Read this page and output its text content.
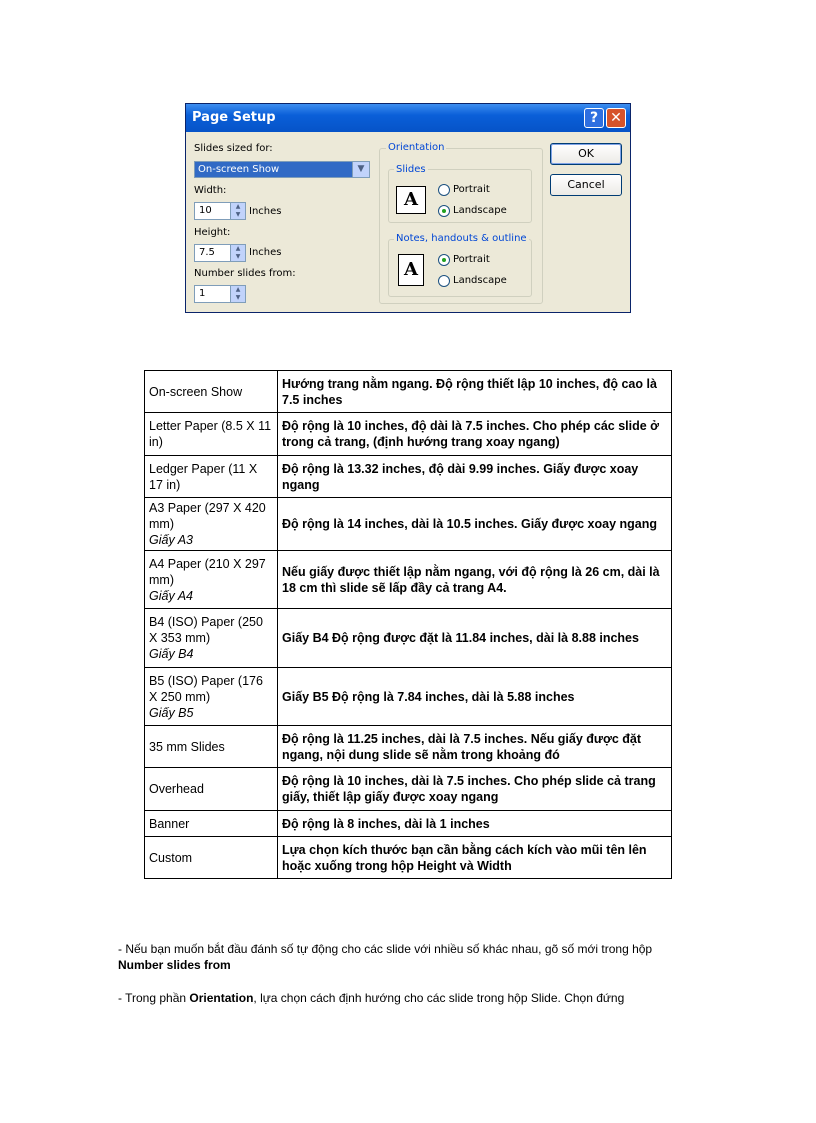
Page Setup	? ✕
Slides sized for:
On-screen Show	▼
Width:
10	▲
▼ Inches
Height:
7.5	▲
▼ Inches
Number slides from:
1	▲
▼
Orientation
Slides
A	Portrait
Landscape
Notes, handouts & outline
A	Portrait
Landscape
OK
Cancel
On-screen Show	Hướng trang nằm ngang. Độ rộng thiết lập 10 inches, độ cao là 7.5 inches
Letter Paper (8.5 X 11 in)	Độ rộng là 10 inches, độ dài là 7.5 inches. Cho phép các slide ở trong cả trang, (định hướng trang xoay ngang)
Ledger Paper (11 X 17 in)	Độ rộng là 13.32 inches, độ dài 9.99 inches. Giấy được xoay ngang
A3 Paper (297 X 420 mm)
Giấy A3	Độ rộng là 14 inches, dài là 10.5 inches. Giấy được xoay ngang
A4 Paper (210 X 297 mm)
Giấy A4	Nếu giấy được thiết lập nằm ngang, với độ rộng là 26 cm, dài là 18 cm thì slide sẽ lấp đầy cả trang A4.
B4 (ISO) Paper (250 X 353 mm)
Giấy B4	Giấy B4 Độ rộng được đặt là 11.84 inches, dài là 8.88 inches
B5 (ISO) Paper (176 X 250 mm)
Giấy B5	Giấy B5 Độ rộng là 7.84 inches, dài là 5.88 inches
35 mm Slides	Độ rộng là 11.25 inches, dài là 7.5 inches. Nếu giấy được đặt ngang, nội dung slide sẽ nằm trong khoảng đó
Overhead	Độ rộng là 10 inches, dài là 7.5 inches. Cho phép slide cả trang giấy, thiết lập giấy được xoay ngang
Banner	Độ rộng là 8 inches, dài là 1 inches
Custom	Lựa chọn kích thước bạn cần bằng cách kích vào mũi tên lên hoặc xuống trong hộp Height và Width
- Nếu bạn muốn bắt đầu đánh số tự động cho các slide với nhiều số khác nhau, gõ số mới trong hộp Number slides from
- Trong phần Orientation, lựa chọn cách định hướng cho các slide trong hộp Slide. Chọn đứng
